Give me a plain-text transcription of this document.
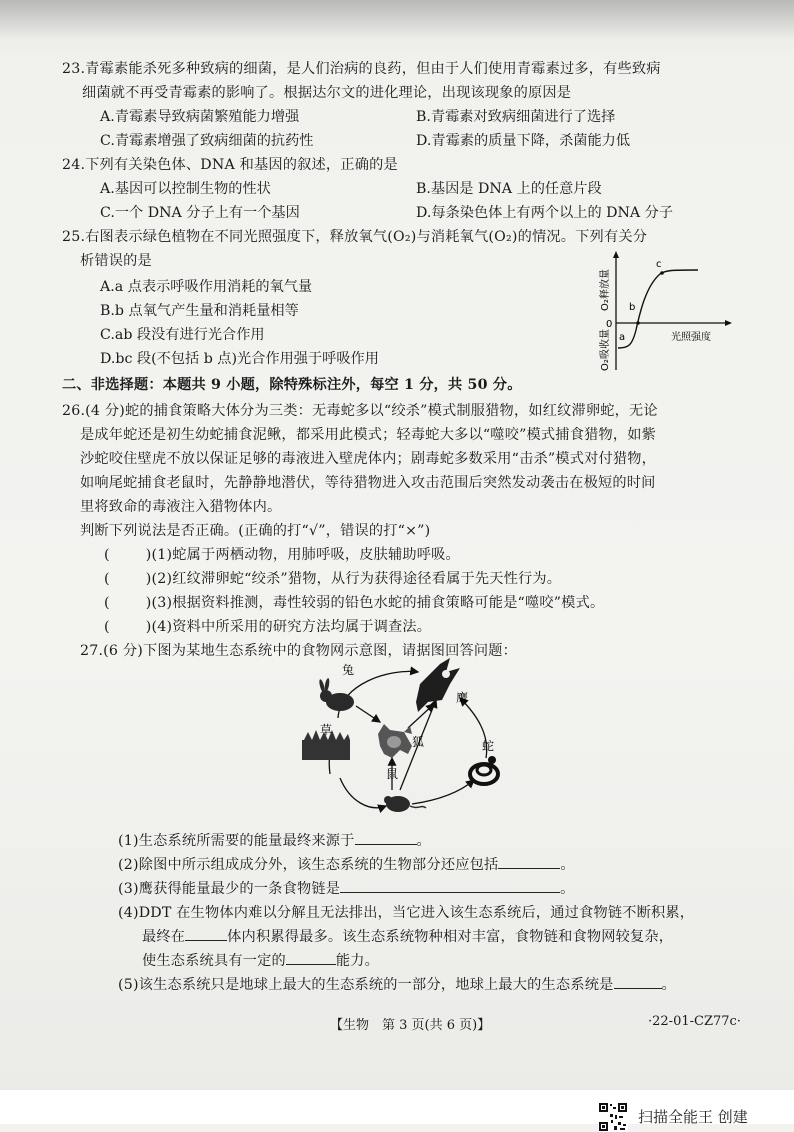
23.青霉素能杀死多种致病的细菌，是人们治病的良药，但由于人们使用青霉素过多，有些致病
细菌就不再受青霉素的影响了。根据达尔文的进化理论，出现该现象的原因是
A.青霉素导致病菌繁殖能力增强	B.青霉素对致病细菌进行了选择
C.青霉素增强了致病细菌的抗药性	D.青霉素的质量下降，杀菌能力低
24.下列有关染色体、DNA 和基因的叙述，正确的是
A.基因可以控制生物的性状	B.基因是 DNA 上的任意片段
C.一个 DNA 分子上有一个基因	D.每条染色体上有两个以上的 DNA 分子
25.右图表示绿色植物在不同光照强度下，释放氧气(O₂)与消耗氧气(O₂)的情况。下列有关分
析错误的是
A.a 点表示呼吸作用消耗的氧气量
B.b 点氧气产生量和消耗量相等
C.ab 段没有进行光合作用
D.bc 段(不包括 b 点)光合作用强于呼吸作用
O₂释放量
O₂吸收量
0
光照强度
a
b
c
二、非选择题：本题共 9 小题，除特殊标注外，每空 1 分，共 50 分。
26.(4 分)蛇的捕食策略大体分为三类：无毒蛇多以“绞杀”模式制服猎物，如红纹滞卵蛇，无论
是成年蛇还是初生幼蛇捕食泥鳅，都采用此模式；轻毒蛇大多以“噬咬”模式捕食猎物，如紫
沙蛇咬住壁虎不放以保证足够的毒液进入壁虎体内；剧毒蛇多数采用“击杀”模式对付猎物，
如响尾蛇捕食老鼠时，先静静地潜伏，等待猎物进入攻击范围后突然发动袭击在极短的时间
里将致命的毒液注入猎物体内。
判断下列说法是否正确。(正确的打“√”，错误的打“×”)
(	)(1)蛇属于两栖动物，用肺呼吸，皮肤辅助呼吸。
(	)(2)红纹滞卵蛇“绞杀”猎物，从行为获得途径看属于先天性行为。
(	)(3)根据资料推测，毒性较弱的铅色水蛇的捕食策略可能是“噬咬”模式。
(	)(4)资料中所采用的研究方法均属于调查法。
27.(6 分)下图为某地生态系统中的食物网示意图，请据图回答问题：
兔
鹰
草
狐	蛇
鼠
(1)生态系统所需要的能量最终来源于	。
(2)除图中所示组成成分外，该生态系统的生物部分还应包括	。
(3)鹰获得能量最少的一条食物链是	。
(4)DDT 在生物体内难以分解且无法排出，当它进入该生态系统后，通过食物链不断积累，
最终在	体内积累得最多。该生态系统物种相对丰富，食物链和食物网较复杂，
使生态系统具有一定的	能力。
(5)该生态系统只是地球上最大的生态系统的一部分，地球上最大的生态系统是	。
【生物　第 3 页(共 6 页)】	·22-01-CZ77c·
扫描全能王 创建
